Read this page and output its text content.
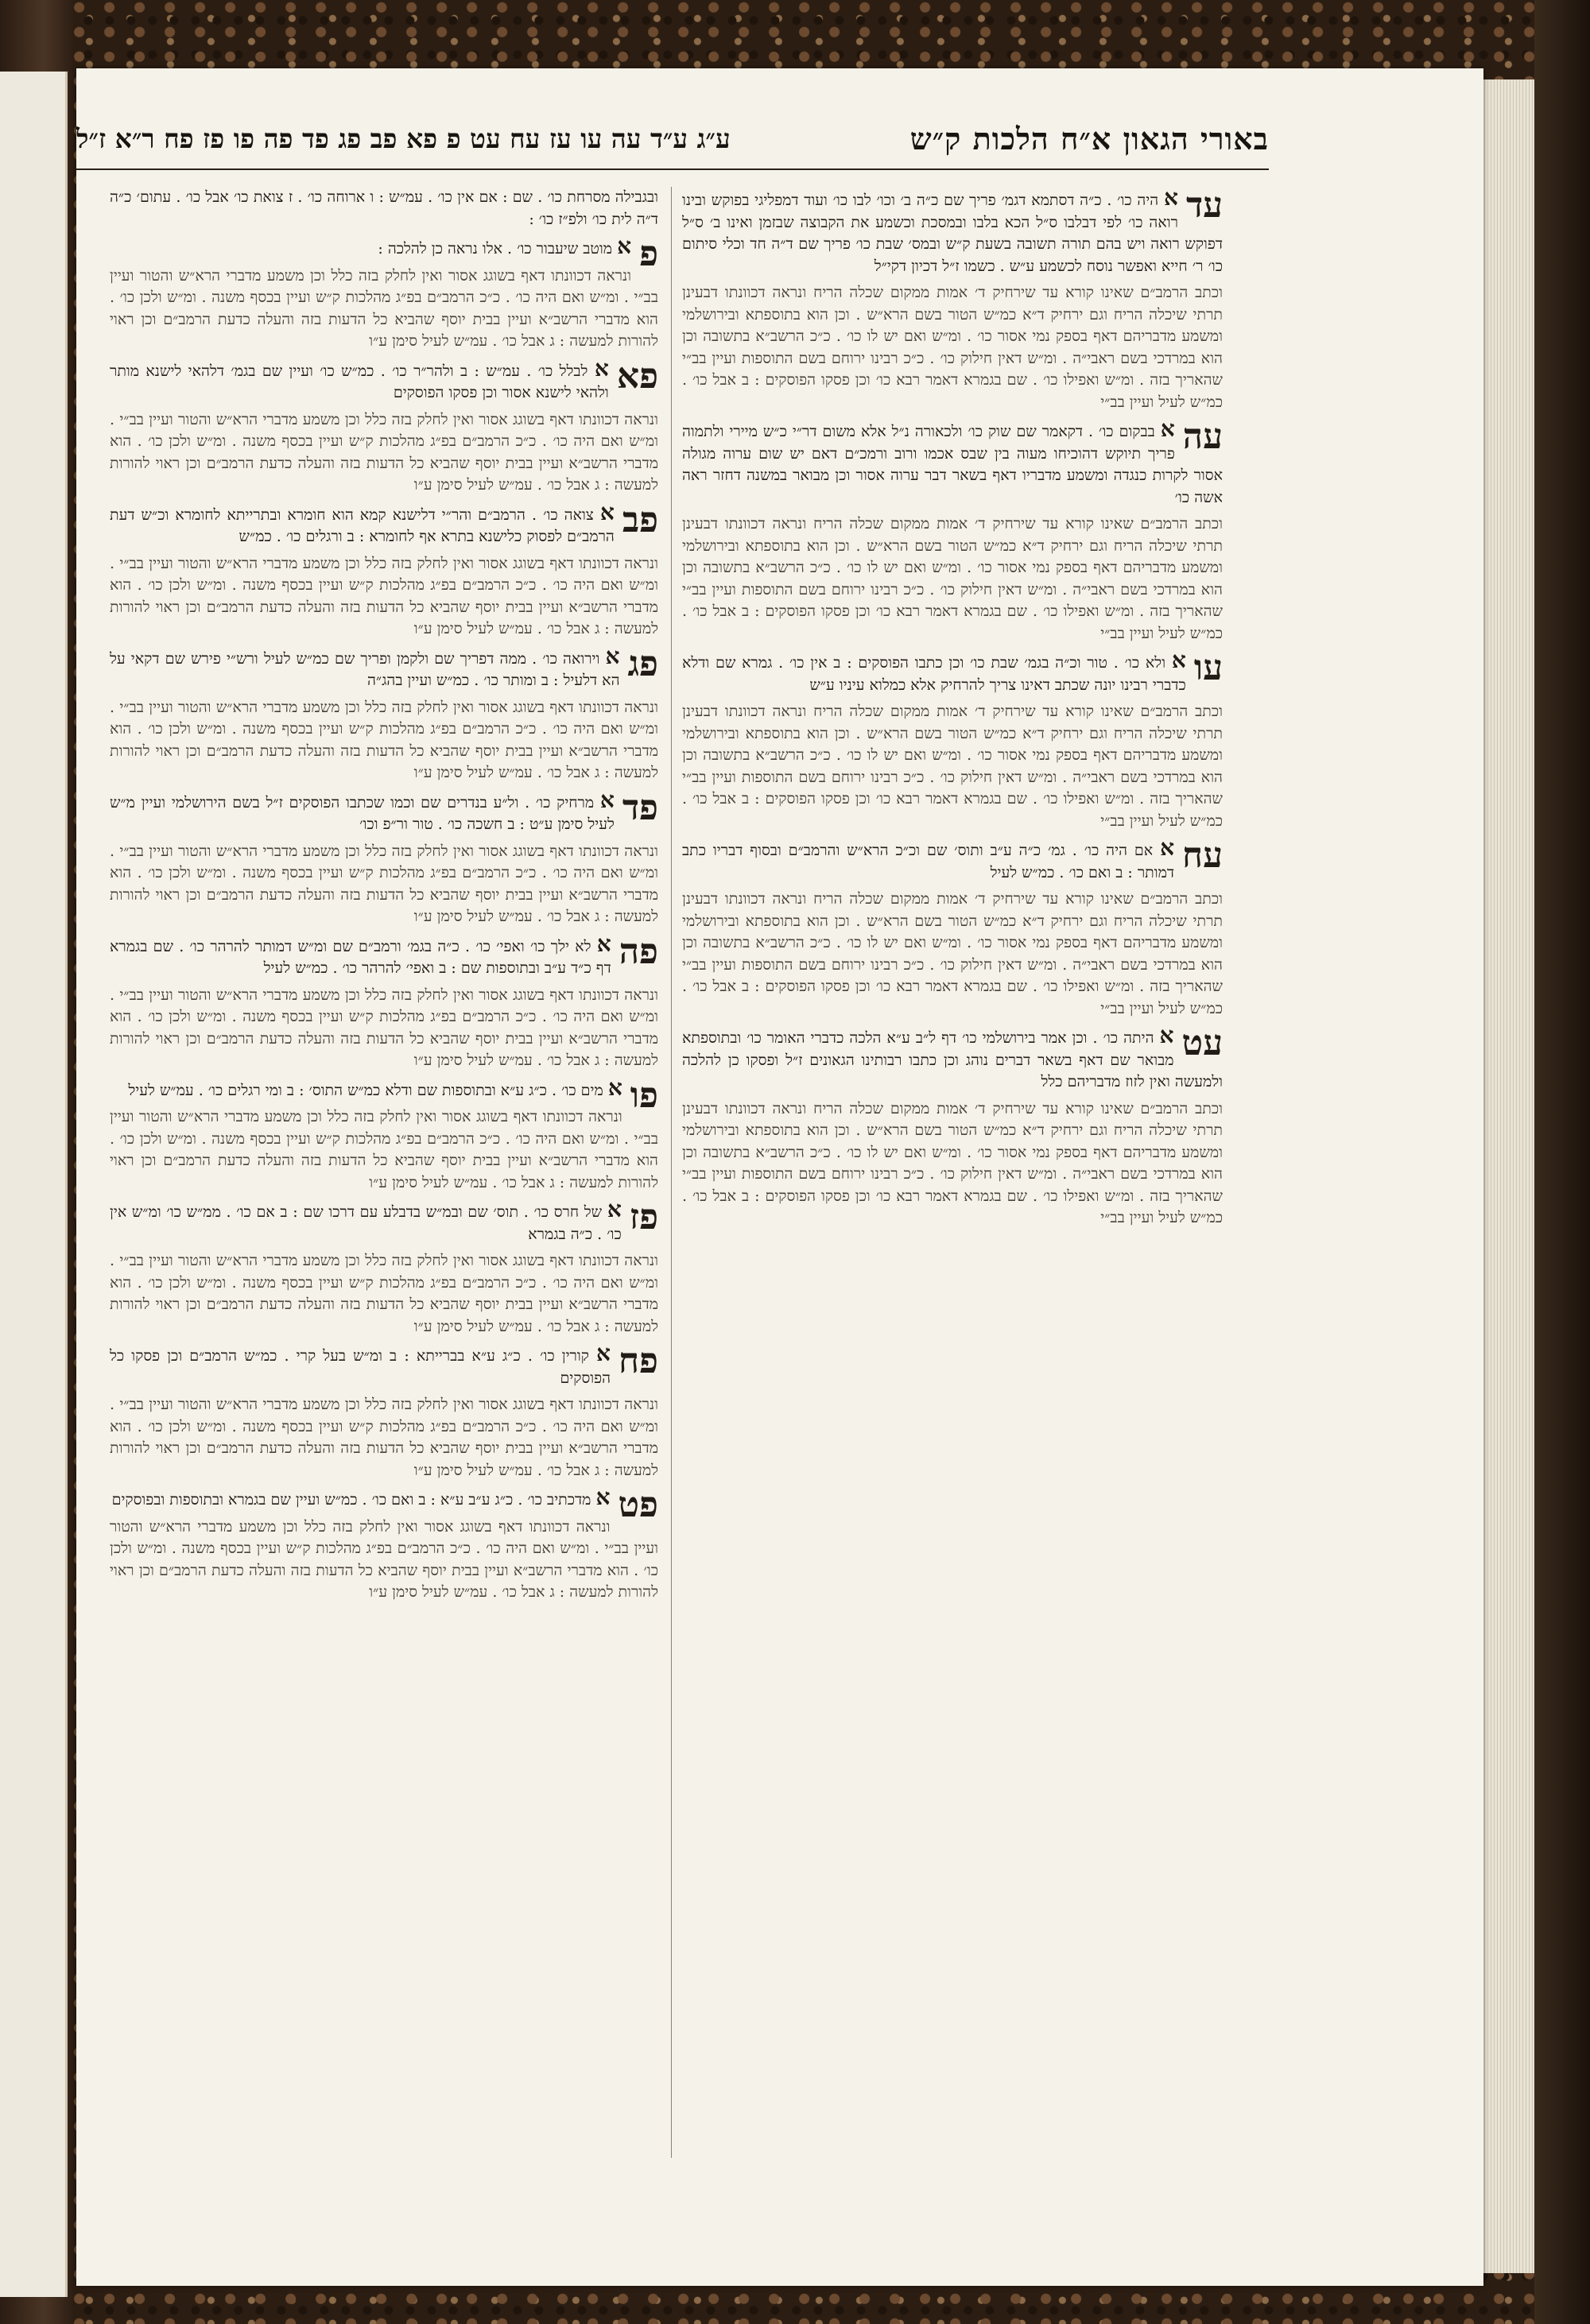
באורי הגאון א״ח הלכות ק״ש
ע״ג ע״ד עה עו עז עח עט פ פא פב פג פד פה פו פז פח ר״א ז״ל
עד
א היה כו׳ . כ״ה דסתמא דגמ׳ פריך שם כ״ה ב׳ וכו׳ לבו כו׳ ועוד דמפליגי בפוקש ובינו רואה כו׳ לפי דבלבו ס״ל הכא בלבו ובמסכת וכשמע את הקבוצה שבזמן ואינו ב׳ ס״ל דפוקש רואה ויש בהם תורה תשובה בשעת ק״ש ובמס׳ שבת כו׳ פריך שם ד״ה חד וכלי סיתום כו׳ ר׳ חייא ואפשר נוסח לכשמע ע״ש . כשמו ז״ל דכיון דקי״ל
וכתב הרמב״ם שאינו קורא עד שירחיק ד׳ אמות ממקום שכלה הריח ונראה דכוונתו דבעינן תרתי שיכלה הריח וגם ירחיק ד״א כמ״ש הטור בשם הרא״ש . וכן הוא בתוספתא ובירושלמי ומשמע מדבריהם דאף בספק נמי אסור כו׳ . ומ״ש ואם יש לו כו׳ . כ״כ הרשב״א בתשובה וכן הוא במרדכי בשם ראבי״ה . ומ״ש דאין חילוק כו׳ . כ״כ רבינו ירוחם בשם התוספות ועיין בב״י שהאריך בזה . ומ״ש ואפילו כו׳ . שם בגמרא דאמר רבא כו׳ וכן פסקו הפוסקים : ב אבל כו׳ . כמ״ש לעיל ועיין בב״י
עה
א בבקום כו׳ . דקאמר שם שוק כו׳ ולכאורה נ״ל אלא משום דר״י כ״ש מיירי ולתמוה פריך תיוקש דהוכיחו מעוה בין שבס אכמו ורוב ורמכ״ם דאם יש שום ערוה מגולה אסור לקרות כנגדה ומשמע מדבריו דאף בשאר דבר ערוה אסור וכן מבואר במשנה דחזר ראה אשה כו׳
וכתב הרמב״ם שאינו קורא עד שירחיק ד׳ אמות ממקום שכלה הריח ונראה דכוונתו דבעינן תרתי שיכלה הריח וגם ירחיק ד״א כמ״ש הטור בשם הרא״ש . וכן הוא בתוספתא ובירושלמי ומשמע מדבריהם דאף בספק נמי אסור כו׳ . ומ״ש ואם יש לו כו׳ . כ״כ הרשב״א בתשובה וכן הוא במרדכי בשם ראבי״ה . ומ״ש דאין חילוק כו׳ . כ״כ רבינו ירוחם בשם התוספות ועיין בב״י שהאריך בזה . ומ״ש ואפילו כו׳ . שם בגמרא דאמר רבא כו׳ וכן פסקו הפוסקים : ב אבל כו׳ . כמ״ש לעיל ועיין בב״י
עו
א ולא כו׳ . טור וכ״ה בגמ׳ שבת כו׳ וכן כתבו הפוסקים : ב אין כו׳ . גמרא שם ודלא כדברי רבינו יונה שכתב דאינו צריך להרחיק אלא כמלוא עיניו ע״ש
וכתב הרמב״ם שאינו קורא עד שירחיק ד׳ אמות ממקום שכלה הריח ונראה דכוונתו דבעינן תרתי שיכלה הריח וגם ירחיק ד״א כמ״ש הטור בשם הרא״ש . וכן הוא בתוספתא ובירושלמי ומשמע מדבריהם דאף בספק נמי אסור כו׳ . ומ״ש ואם יש לו כו׳ . כ״כ הרשב״א בתשובה וכן הוא במרדכי בשם ראבי״ה . ומ״ש דאין חילוק כו׳ . כ״כ רבינו ירוחם בשם התוספות ועיין בב״י שהאריך בזה . ומ״ש ואפילו כו׳ . שם בגמרא דאמר רבא כו׳ וכן פסקו הפוסקים : ב אבל כו׳ . כמ״ש לעיל ועיין בב״י
עח
א אם היה כו׳ . גמ׳ כ״ה ע״ב ותוס׳ שם וכ״כ הרא״ש והרמב״ם ובסוף דבריו כתב דמותר : ב ואם כו׳ . כמ״ש לעיל
וכתב הרמב״ם שאינו קורא עד שירחיק ד׳ אמות ממקום שכלה הריח ונראה דכוונתו דבעינן תרתי שיכלה הריח וגם ירחיק ד״א כמ״ש הטור בשם הרא״ש . וכן הוא בתוספתא ובירושלמי ומשמע מדבריהם דאף בספק נמי אסור כו׳ . ומ״ש ואם יש לו כו׳ . כ״כ הרשב״א בתשובה וכן הוא במרדכי בשם ראבי״ה . ומ״ש דאין חילוק כו׳ . כ״כ רבינו ירוחם בשם התוספות ועיין בב״י שהאריך בזה . ומ״ש ואפילו כו׳ . שם בגמרא דאמר רבא כו׳ וכן פסקו הפוסקים : ב אבל כו׳ . כמ״ש לעיל ועיין בב״י
עט
א היתה כו׳ . וכן אמר בירושלמי כו׳ דף ל״ב ע״א הלכה כדברי האומר כו׳ ובתוספתא מבואר שם דאף בשאר דברים נוהג וכן כתבו רבותינו הגאונים ז״ל ופסקו כן להלכה ולמעשה ואין לזוז מדבריהם כלל
וכתב הרמב״ם שאינו קורא עד שירחיק ד׳ אמות ממקום שכלה הריח ונראה דכוונתו דבעינן תרתי שיכלה הריח וגם ירחיק ד״א כמ״ש הטור בשם הרא״ש . וכן הוא בתוספתא ובירושלמי ומשמע מדבריהם דאף בספק נמי אסור כו׳ . ומ״ש ואם יש לו כו׳ . כ״כ הרשב״א בתשובה וכן הוא במרדכי בשם ראבי״ה . ומ״ש דאין חילוק כו׳ . כ״כ רבינו ירוחם בשם התוספות ועיין בב״י שהאריך בזה . ומ״ש ואפילו כו׳ . שם בגמרא דאמר רבא כו׳ וכן פסקו הפוסקים : ב אבל כו׳ . כמ״ש לעיל ועיין בב״י
ובגבילה מסרחת כו׳ . שם : אם אין כו׳ . עמ״ש : ו ארוחה כו׳ . ז צואת כו׳ אבל כו׳ . עתום׳ כ״ה ד״ה לית כו׳ ולפ״ז כו׳ :
פ
א מוטב שיעבור כו׳ . אלו נראה כן להלכה :
ונראה דכוונתו דאף בשוגג אסור ואין לחלק בזה כלל וכן משמע מדברי הרא״ש והטור ועיין בב״י . ומ״ש ואם היה כו׳ . כ״כ הרמב״ם בפ״ג מהלכות ק״ש ועיין בכסף משנה . ומ״ש ולכן כו׳ . הוא מדברי הרשב״א ועיין בבית יוסף שהביא כל הדעות בזה והעלה כדעת הרמב״ם וכן ראוי להורות למעשה : ג אבל כו׳ . עמ״ש לעיל סימן ע״ו
פא
א לבלל כו׳ . עמ״ש : ב ולהר״ר כו׳ . כמ״ש כו׳ ועיין שם בגמ׳ דלהאי לישנא מותר ולהאי לישנא אסור וכן פסקו הפוסקים
ונראה דכוונתו דאף בשוגג אסור ואין לחלק בזה כלל וכן משמע מדברי הרא״ש והטור ועיין בב״י . ומ״ש ואם היה כו׳ . כ״כ הרמב״ם בפ״ג מהלכות ק״ש ועיין בכסף משנה . ומ״ש ולכן כו׳ . הוא מדברי הרשב״א ועיין בבית יוסף שהביא כל הדעות בזה והעלה כדעת הרמב״ם וכן ראוי להורות למעשה : ג אבל כו׳ . עמ״ש לעיל סימן ע״ו
פב
א צואה כו׳ . הרמב״ם והר״י דלישנא קמא הוא חומרא ובתרייתא לחומרא וכ״ש דעת הרמב״ם לפסוק כלישנא בתרא אף לחומרא : ב ורגלים כו׳ . כמ״ש
ונראה דכוונתו דאף בשוגג אסור ואין לחלק בזה כלל וכן משמע מדברי הרא״ש והטור ועיין בב״י . ומ״ש ואם היה כו׳ . כ״כ הרמב״ם בפ״ג מהלכות ק״ש ועיין בכסף משנה . ומ״ש ולכן כו׳ . הוא מדברי הרשב״א ועיין בבית יוסף שהביא כל הדעות בזה והעלה כדעת הרמב״ם וכן ראוי להורות למעשה : ג אבל כו׳ . עמ״ש לעיל סימן ע״ו
פג
א וירואה כו׳ . ממה דפריך שם ולקמן ופריך שם כמ״ש לעיל ורש״י פירש שם דקאי על הא דלעיל : ב ומותר כו׳ . כמ״ש ועיין בהג״ה
ונראה דכוונתו דאף בשוגג אסור ואין לחלק בזה כלל וכן משמע מדברי הרא״ש והטור ועיין בב״י . ומ״ש ואם היה כו׳ . כ״כ הרמב״ם בפ״ג מהלכות ק״ש ועיין בכסף משנה . ומ״ש ולכן כו׳ . הוא מדברי הרשב״א ועיין בבית יוסף שהביא כל הדעות בזה והעלה כדעת הרמב״ם וכן ראוי להורות למעשה : ג אבל כו׳ . עמ״ש לעיל סימן ע״ו
פד
א מרחיק כו׳ . ול״ע בנדרים שם וכמו שכתבו הפוסקים ז״ל בשם הירושלמי ועיין מ״ש לעיל סימן ע״ט : ב חשכה כו׳ . טור ור״פ וכו׳
ונראה דכוונתו דאף בשוגג אסור ואין לחלק בזה כלל וכן משמע מדברי הרא״ש והטור ועיין בב״י . ומ״ש ואם היה כו׳ . כ״כ הרמב״ם בפ״ג מהלכות ק״ש ועיין בכסף משנה . ומ״ש ולכן כו׳ . הוא מדברי הרשב״א ועיין בבית יוסף שהביא כל הדעות בזה והעלה כדעת הרמב״ם וכן ראוי להורות למעשה : ג אבל כו׳ . עמ״ש לעיל סימן ע״ו
פה
א לא ילך כו׳ ואפי׳ כו׳ . כ״ה בגמ׳ ורמב״ם שם ומ״ש דמותר להרהר כו׳ . שם בגמרא דף כ״ד ע״ב ובתוספות שם : ב ואפי׳ להרהר כו׳ . כמ״ש לעיל
ונראה דכוונתו דאף בשוגג אסור ואין לחלק בזה כלל וכן משמע מדברי הרא״ש והטור ועיין בב״י . ומ״ש ואם היה כו׳ . כ״כ הרמב״ם בפ״ג מהלכות ק״ש ועיין בכסף משנה . ומ״ש ולכן כו׳ . הוא מדברי הרשב״א ועיין בבית יוסף שהביא כל הדעות בזה והעלה כדעת הרמב״ם וכן ראוי להורות למעשה : ג אבל כו׳ . עמ״ש לעיל סימן ע״ו
פו
א מים כו׳ . כ״ג ע״א ובתוספות שם ודלא כמ״ש התוס׳ : ב ומי רגלים כו׳ . עמ״ש לעיל
ונראה דכוונתו דאף בשוגג אסור ואין לחלק בזה כלל וכן משמע מדברי הרא״ש והטור ועיין בב״י . ומ״ש ואם היה כו׳ . כ״כ הרמב״ם בפ״ג מהלכות ק״ש ועיין בכסף משנה . ומ״ש ולכן כו׳ . הוא מדברי הרשב״א ועיין בבית יוסף שהביא כל הדעות בזה והעלה כדעת הרמב״ם וכן ראוי להורות למעשה : ג אבל כו׳ . עמ״ש לעיל סימן ע״ו
פז
א של חרס כו׳ . תוס׳ שם ובמ״ש בדבלע עם דרכו שם : ב אם כו׳ . ממ״ש כו׳ ומ״ש אין כו׳ . כ״ה בגמרא
ונראה דכוונתו דאף בשוגג אסור ואין לחלק בזה כלל וכן משמע מדברי הרא״ש והטור ועיין בב״י . ומ״ש ואם היה כו׳ . כ״כ הרמב״ם בפ״ג מהלכות ק״ש ועיין בכסף משנה . ומ״ש ולכן כו׳ . הוא מדברי הרשב״א ועיין בבית יוסף שהביא כל הדעות בזה והעלה כדעת הרמב״ם וכן ראוי להורות למעשה : ג אבל כו׳ . עמ״ש לעיל סימן ע״ו
פח
א קורין כו׳ . כ״ג ע״א בברייתא : ב ומ״ש בעל קרי . כמ״ש הרמב״ם וכן פסקו כל הפוסקים
ונראה דכוונתו דאף בשוגג אסור ואין לחלק בזה כלל וכן משמע מדברי הרא״ש והטור ועיין בב״י . ומ״ש ואם היה כו׳ . כ״כ הרמב״ם בפ״ג מהלכות ק״ש ועיין בכסף משנה . ומ״ש ולכן כו׳ . הוא מדברי הרשב״א ועיין בבית יוסף שהביא כל הדעות בזה והעלה כדעת הרמב״ם וכן ראוי להורות למעשה : ג אבל כו׳ . עמ״ש לעיל סימן ע״ו
פט
א מדכתיב כו׳ . כ״ג ע״ב ע״א : ב ואם כו׳ . כמ״ש ועיין שם בגמרא ובתוספות ובפוסקים
ונראה דכוונתו דאף בשוגג אסור ואין לחלק בזה כלל וכן משמע מדברי הרא״ש והטור ועיין בב״י . ומ״ש ואם היה כו׳ . כ״כ הרמב״ם בפ״ג מהלכות ק״ש ועיין בכסף משנה . ומ״ש ולכן כו׳ . הוא מדברי הרשב״א ועיין בבית יוסף שהביא כל הדעות בזה והעלה כדעת הרמב״ם וכן ראוי להורות למעשה : ג אבל כו׳ . עמ״ש לעיל סימן ע״ו
